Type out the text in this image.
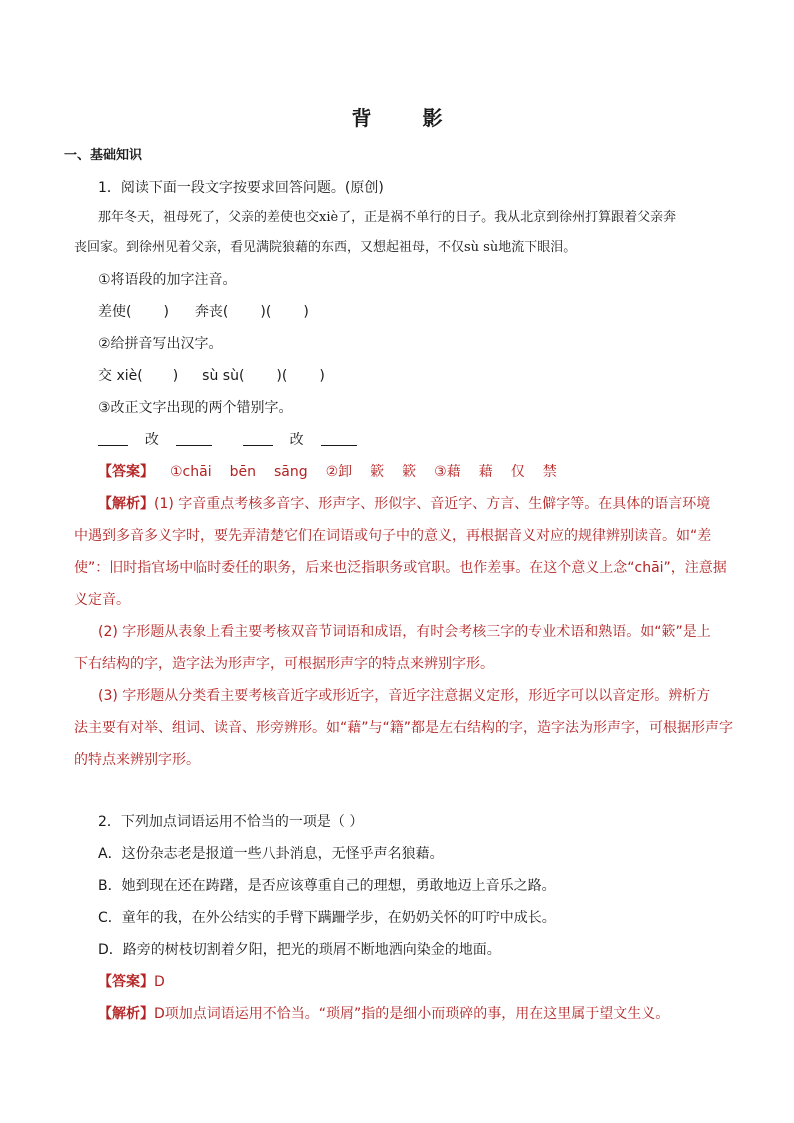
背 影
一、基础知识
1．阅读下面一段文字按要求回答问题。(原创)
那年冬天，祖母死了，父亲的差使也交xiè了，正是祸不单行的日子。我从北京到徐州打算跟着父亲奔
丧回家。到徐州见着父亲，看见满院狼藉的东西，又想起祖母，不仅sù sù地流下眼泪。
①将语段的加字注音。
差使( ) 奔丧( )( )
②给拼音写出汉字。
交 xiè( ) sù sù( )( )
③改正文字出现的两个错别字。
改	改
【答案】 ①chāi bēn sāng ②卸 簌 簌 ③藉 藉 仅 禁
【解析】(1) 字音重点考核多音字、形声字、形似字、音近字、方言、生僻字等。在具体的语言环境
中遇到多音多义字时，要先弄清楚它们在词语或句子中的意义，再根据音义对应的规律辨别读音。如“差
使”：旧时指官场中临时委任的职务，后来也泛指职务或官职。也作差事。在这个意义上念“chāi”，注意据
义定音。
(2) 字形题从表象上看主要考核双音节词语和成语，有时会考核三字的专业术语和熟语。如“簌”是上
下右结构的字，造字法为形声字，可根据形声字的特点来辨别字形。
(3) 字形题从分类看主要考核音近字或形近字，音近字注意据义定形，形近字可以以音定形。辨析方
法主要有对举、组词、读音、形旁辨形。如“藉”与“籍”都是左右结构的字，造字法为形声字，可根据形声字
的特点来辨别字形。
2．下列加点词语运用不恰当的一项是（ ）
A．这份杂志老是报道一些八卦消息，无怪乎声名狼藉。
B．她到现在还在踌躇，是否应该尊重自己的理想，勇敢地迈上音乐之路。
C．童年的我，在外公结实的手臂下蹒跚学步，在奶奶关怀的叮咛中成长。
D．路旁的树枝切割着夕阳，把光的琐屑不断地洒向染金的地面。
【答案】D
【解析】D项加点词语运用不恰当。“琐屑”指的是细小而琐碎的事，用在这里属于望文生义。
